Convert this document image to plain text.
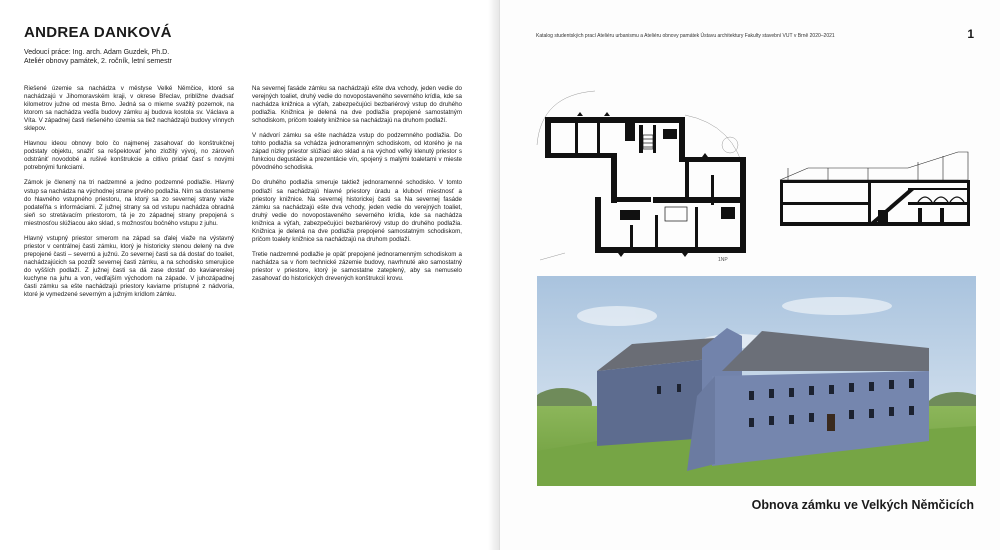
ANDREA DANKOVÁ
Vedoucí práce: Ing. arch. Adam Guzdek, Ph.D.
Ateliér obnovy památek, 2. ročník, letní semestr

Riešené územie sa nachádza v městyse Velké Němčice, ktoré sa nachádzajú v Jihomoravském kraji, v okrese Břeclav, približne dvadsať kilometrov južne od mesta Brno. Jedná sa o mierne svažitý pozemok, na ktorom sa nachádza vedľa budovy zámku aj budova kostola sv. Václava a Víta. V západnej časti riešeného územia sa tiež nachádzajú budovy vínnych sklepov.

Hlavnou ideou obnovy bolo čo najmenej zasahovať do konštrukčnej podstaty objektu, snažiť sa rešpektovať jeho zložitý vývoj, no zároveň odstrániť novodobé a rušivé konštrukcie a citlivo pridať časť s novými potrebnými funkciami.

Zámok je členený na tri nadzemné a jedno podzemné podlažie. Hlavný vstup sa nachádza na východnej strane prvého podlažia. Ním sa dostaneme do hlavného vstupného priestoru, na ktorý sa zo severnej strany viaže podateľňa s informáciami. Z južnej strany sa od vstupu nachádza obradná sieň so stretávacím priestorom, tá je zo západnej strany prepojená s miestnosťou slúžiacou ako sklad, s možnosťou bočného vstupu z juhu.

Hlavný vstupný priestor smerom na západ sa ďalej viaže na výstavný priestor v centrálnej časti zámku, ktorý je historicky stenou delený na dve prepojené časti – severnú a južnú. Zo severnej časti sa dá dostať do toaliet, nachádzajúcich sa pozdĺž severnej časti zámku, a na schodisko smerujúce do vyšších podlaží. Z južnej časti sa dá zase dostať do kaviarenskej kuchyne na juhu a von, vedľajším východom na západe. V juhozápadnej časti zámku sa ešte nachádzajú priestory kaviarne prístupné z nádvoria, ktoré je vymedzené severným a južným krídlom zámku.

Na severnej fasáde zámku sa nachádzajú ešte dva vchody, jeden vedie do verejných toaliet, druhý vedie do novopostaveného severného krídla, kde sa nachádza knižnica a výťah, zabezpečujúci bezbariérový vstup do druhého podlažia. Knižnica je delená na dve podlažia prepojené samostatným schodiskom, pričom toalety knižnice sa nachádzajú na druhom podlaží.

V nádvorí zámku sa ešte nachádza vstup do podzemného podlažia. Do tohto podlažia sa vchádza jednoramenným schodiskom, od ktorého je na západ nízky priestor slúžiaci ako sklad a na východ veľký klenutý priestor s funkciou degustácie a prezentácie vín, spojený s malými toaletami v mieste pôvodného schodiska.

Do druhého podlažia smeruje taktiež jednoramenné schodisko. V tomto podlaží sa nachádzajú hlavné priestory úradu a kluboví miestnosť a priestory knižnice. Na severnej historickej časti sa Na severnej fasáde zámku sa nachádzajú ešte dva vchody, jeden vedie do verejných toaliet, druhý vedie do novopostaveného severného krídla, kde sa nachádza knižnica a výťah, zabezpečujúci bezbariérový vstup do druhého podlažia. Knižnica je delená na dve podlažia prepojené samostatným schodiskom, pričom toalety knižnice sa nachádzajú na druhom podlaží.

Tretie nadzemné podlažie je opäť prepojené jednoramenným schodiskom a nachádza sa v ňom technické zázemie budovy, navrhnuté ako samostatný priestor v priestore, ktorý je samostatne zateplený, aby sa nemuselo zasahovať do historických drevených konštrukcií krovu.

Katalog studentských prací Ateliéru urbanismu a Ateliéru obnovy památek Ústavu architektury Fakulty stavební VUT v Brně 2020–2021	1
1NP
Obnova zámku ve Velkých Němčicích
